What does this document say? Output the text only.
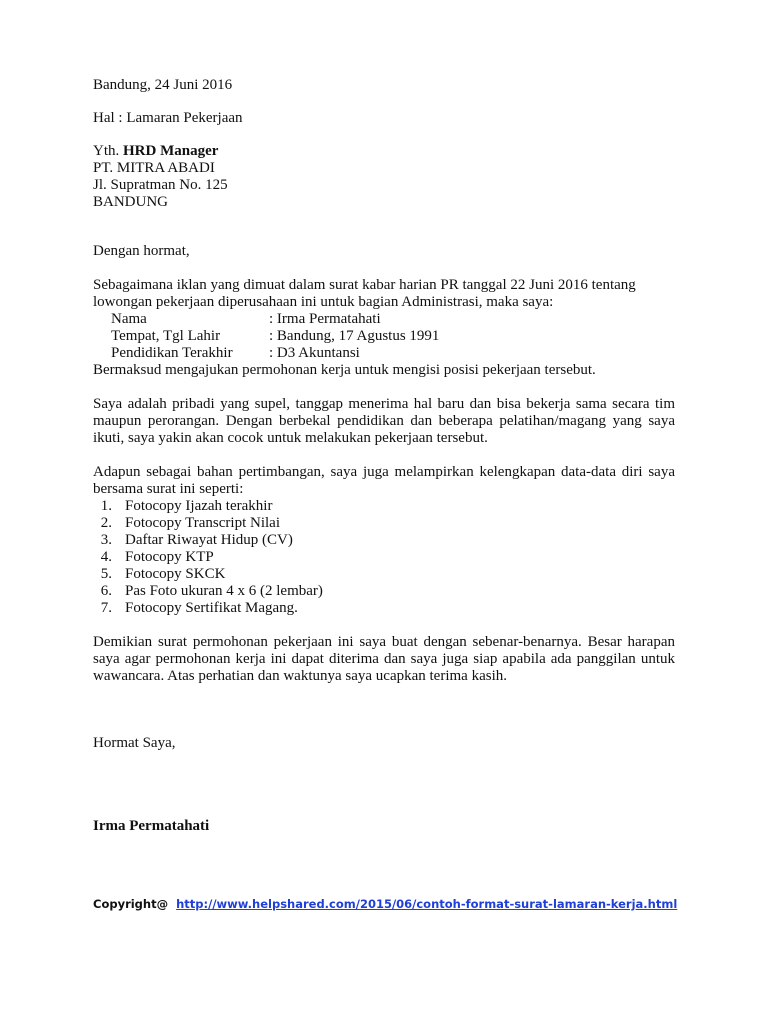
Bandung, 24 Juni 2016
Hal : Lamaran Pekerjaan
Yth. HRD Manager
PT. MITRA ABADI
Jl. Supratman No. 125
BANDUNG
Dengan hormat,
Sebagaimana iklan yang dimuat dalam surat kabar harian PR tanggal 22 Juni 2016 tentang
lowongan pekerjaan diperusahaan ini untuk bagian Administrasi, maka saya:
Nama	: Irma Permatahati
Tempat, Tgl Lahir	: Bandung, 17 Agustus 1991
Pendidikan Terakhir	: D3 Akuntansi
Bermaksud mengajukan permohonan kerja untuk mengisi posisi pekerjaan tersebut.
Saya adalah pribadi yang supel, tanggap menerima hal baru dan bisa bekerja sama secara tim maupun perorangan. Dengan berbekal pendidikan dan beberapa pelatihan/magang yang saya ikuti, saya yakin akan cocok untuk melakukan pekerjaan tersebut.
Adapun sebagai bahan pertimbangan, saya juga melampirkan kelengkapan data-data diri saya bersama surat ini seperti:
1. Fotocopy Ijazah terakhir
2. Fotocopy Transcript Nilai
3. Daftar Riwayat Hidup (CV)
4. Fotocopy KTP
5. Fotocopy SKCK
6. Pas Foto ukuran 4 x 6 (2 lembar)
7. Fotocopy Sertifikat Magang.
Demikian surat permohonan pekerjaan ini saya buat dengan sebenar-benarnya. Besar harapan saya agar permohonan kerja ini dapat diterima dan saya juga siap apabila ada panggilan untuk wawancara. Atas perhatian dan waktunya saya ucapkan terima kasih.
Hormat Saya,
Irma Permatahati
Copyright@ http://www.helpshared.com/2015/06/contoh-format-surat-lamaran-kerja.html
